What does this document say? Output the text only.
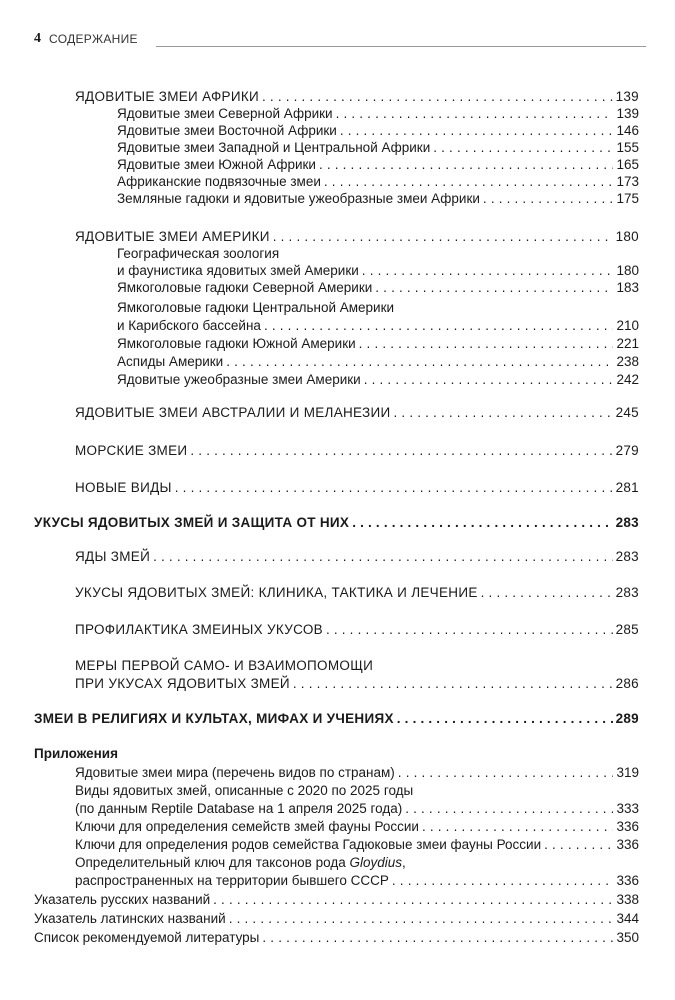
4 СОДЕРЖАНИЕ
ЯДОВИТЫЕ ЗМЕИ АФРИКИ . . .	139
Ядовитые змеи Северной Африки . . .	139
Ядовитые змеи Восточной Африки . . .	146
Ядовитые змеи Западной и Центральной Африки . . .	155
Ядовитые змеи Южной Африки . . .	165
Африканские подвязочные змеи . . .	173
Земляные гадюки и ядовитые ужеобразные змеи Африки . . .	175
ЯДОВИТЫЕ ЗМЕИ АМЕРИКИ . . .	180
Географическая зоология
и фаунистика ядовитых змей Америки . . .	180
Ямкоголовые гадюки Северной Америки . . .	183
Ямкоголовые гадюки Центральной Америки
и Карибского бассейна . . .	210
Ямкоголовые гадюки Южной Америки . . .	221
Аспиды Америки . . .	238
Ядовитые ужеобразные змеи Америки . . .	242
ЯДОВИТЫЕ ЗМЕИ АВСТРАЛИИ И МЕЛАНЕЗИИ . . .	245
МОРСКИЕ ЗМЕИ . . .	279
НОВЫЕ ВИДЫ . . .	281
УКУСЫ ЯДОВИТЫХ ЗМЕЙ И ЗАЩИТА ОТ НИХ . . .	283
ЯДЫ ЗМЕЙ . . .	283
УКУСЫ ЯДОВИТЫХ ЗМЕЙ: КЛИНИКА, ТАКТИКА И ЛЕЧЕНИЕ . . .	283
ПРОФИЛАКТИКА ЗМЕИНЫХ УКУСОВ . . .	285
МЕРЫ ПЕРВОЙ САМО- И ВЗАИМОПОМОЩИ
ПРИ УКУСАХ ЯДОВИТЫХ ЗМЕЙ . . .	286
ЗМЕИ В РЕЛИГИЯХ И КУЛЬТАХ, МИФАХ И УЧЕНИЯХ . . .	289
Приложения
Ядовитые змеи мира (перечень видов по странам) . . .	319
Виды ядовитых змей, описанные с 2020 по 2025 годы
(по данным Reptile Database на 1 апреля 2025 года) . . .	333
Ключи для определения семейств змей фауны России . . .	336
Ключи для определения родов семейства Гадюковые змеи фауны России . . .	336
Определительный ключ для таксонов рода Gloydius,
распространенных на территории бывшего СССР . . .	336
Указатель русских названий . . .	338
Указатель латинских названий . . .	344
Список рекомендуемой литературы . . .	350
